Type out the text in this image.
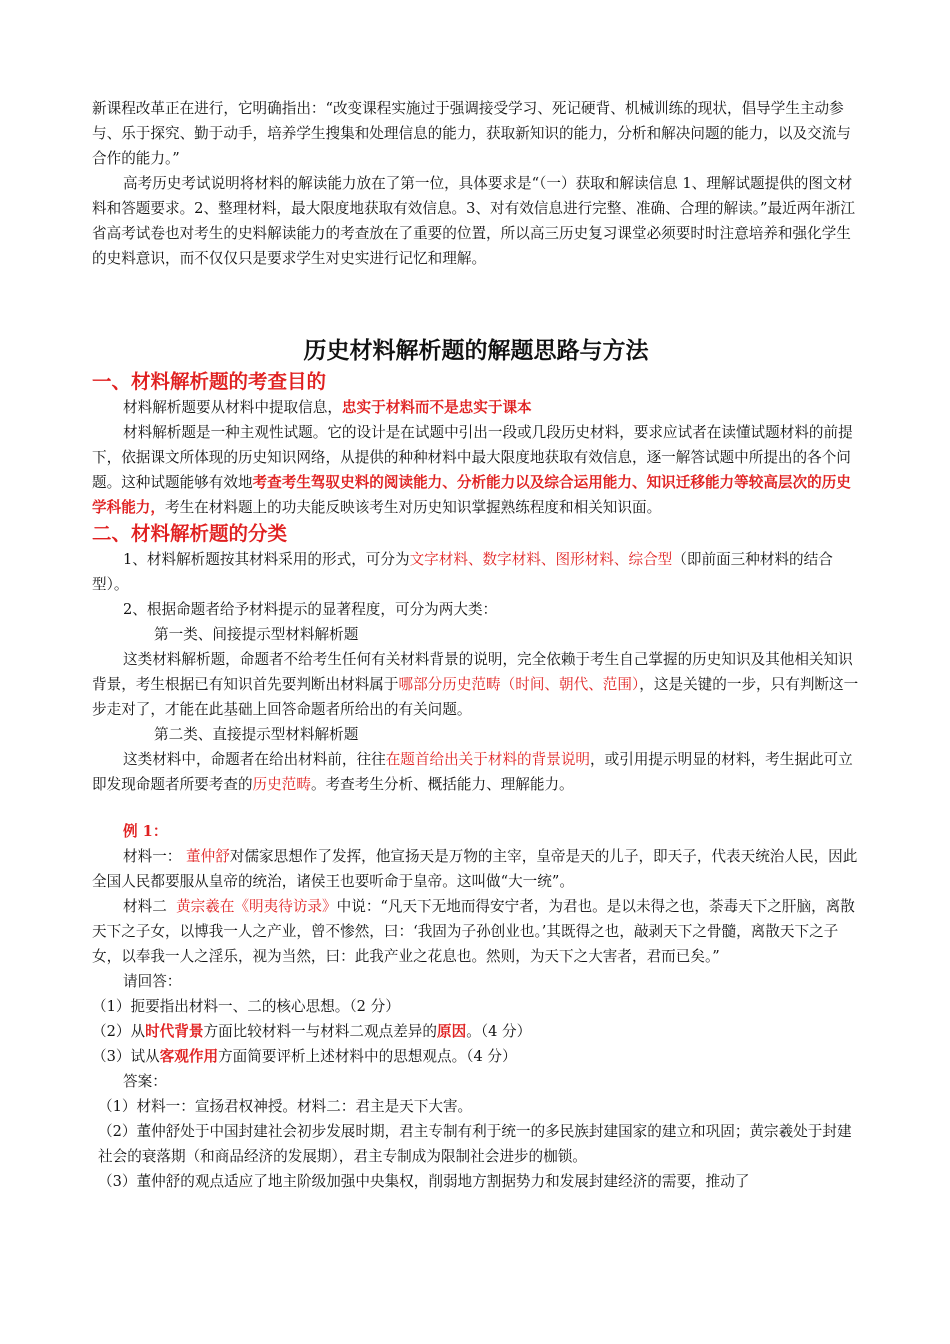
新课程改革正在进行，它明确指出：“改变课程实施过于强调接受学习、死记硬背、机械训练的现状，倡导学生主动参与、乐于探究、勤于动手，培养学生搜集和处理信息的能力，获取新知识的能力，分析和解决问题的能力，以及交流与合作的能力。”

高考历史考试说明将材料的解读能力放在了第一位，具体要求是“（一）获取和解读信息 1、理解试题提供的图文材料和答题要求。2、整理材料，最大限度地获取有效信息。3、对有效信息进行完整、准确、合理的解读。”最近两年浙江省高考试卷也对考生的史料解读能力的考查放在了重要的位置，所以高三历史复习课堂必须要时时注意培养和强化学生的史料意识，而不仅仅只是要求学生对史实进行记忆和理解。

历史材料解析题的解题思路与方法
一、材料解析题的考查目的

材料解析题要从材料中提取信息，忠实于材料而不是忠实于课本

材料解析题是一种主观性试题。它的设计是在试题中引出一段或几段历史材料，要求应试者在读懂试题材料的前提下，依据课文所体现的历史知识网络，从提供的种种材料中最大限度地获取有效信息，逐一解答试题中所提出的各个问题。这种试题能够有效地考查考生驾驭史料的阅读能力、分析能力以及综合运用能力、知识迁移能力等较高层次的历史学科能力，考生在材料题上的功夫能反映该考生对历史知识掌握熟练程度和相关知识面。

二、材料解析题的分类

1、材料解析题按其材料采用的形式，可分为文字材料、数字材料、图形材料、综合型（即前面三种材料的结合型）。

2、根据命题者给予材料提示的显著程度，可分为两大类：

第一类、间接提示型材料解析题

这类材料解析题，命题者不给考生任何有关材料背景的说明，完全依赖于考生自己掌握的历史知识及其他相关知识背景，考生根据已有知识首先要判断出材料属于哪部分历史范畴（时间、朝代、范围），这是关键的一步，只有判断这一步走对了，才能在此基础上回答命题者所给出的有关问题。

第二类、直接提示型材料解析题

这类材料中，命题者在给出材料前，往往在题首给出关于材料的背景说明，或引用提示明显的材料，考生据此可立即发现命题者所要考查的历史范畴。考查考生分析、概括能力、理解能力。

例 1：

材料一： 董仲舒对儒家思想作了发挥，他宣扬天是万物的主宰，皇帝是天的儿子，即天子，代表天统治人民，因此全国人民都要服从皇帝的统治，诸侯王也要听命于皇帝。这叫做“大一统”。

材料二 黄宗羲在《明夷待访录》中说：“凡天下无地而得安宁者，为君也。是以未得之也，荼毒天下之肝脑，离散天下之子女，以博我一人之产业，曾不惨然，曰：‘我固为子孙创业也。’其既得之也，敲剥天下之骨髓，离散天下之子女，以奉我一人之淫乐，视为当然，曰：此我产业之花息也。然则，为天下之大害者，君而已矣。”

请回答：

（1）扼要指出材料一、二的核心思想。（2 分）

（2）从时代背景方面比较材料一与材料二观点差异的原因。（4 分）

（3）试从客观作用方面简要评析上述材料中的思想观点。（4 分）

答案：

（1）材料一：宣扬君权神授。材料二：君主是天下大害。

（2）董仲舒处于中国封建社会初步发展时期，君主专制有利于统一的多民族封建国家的建立和巩固；黄宗羲处于封建社会的衰落期（和商品经济的发展期），君主专制成为限制社会进步的枷锁。

（3）董仲舒的观点适应了地主阶级加强中央集权，削弱地方割据势力和发展封建经济的需要，推动了
